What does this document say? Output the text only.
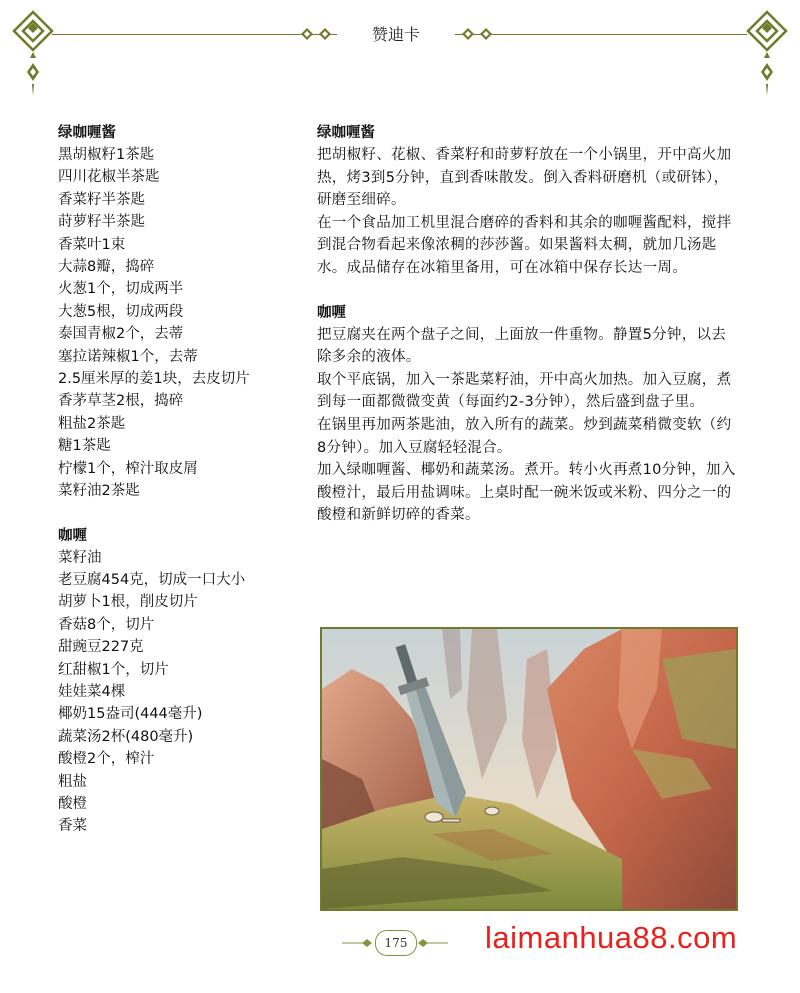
赞迪卡
绿咖喱酱
黑胡椒籽1茶匙
四川花椒半茶匙
香菜籽半茶匙
莳萝籽半茶匙
香菜叶1束
大蒜8瓣，捣碎
火葱1个，切成两半
大葱5根，切成两段
泰国青椒2个，去蒂
塞拉诺辣椒1个，去蒂
2.5厘米厚的姜1块，去皮切片
香茅草茎2根，捣碎
粗盐2茶匙
糖1茶匙
柠檬1个，榨汁取皮屑
菜籽油2茶匙
咖喱
菜籽油
老豆腐454克，切成一口大小
胡萝卜1根，削皮切片
香菇8个，切片
甜豌豆227克
红甜椒1个，切片
娃娃菜4棵
椰奶15盎司(444毫升)
蔬菜汤2杯(480毫升)
酸橙2个，榨汁
粗盐
酸橙
香菜
绿咖喱酱

把胡椒籽、花椒、香菜籽和莳萝籽放在一个小锅里，开中高火加热，烤3到5分钟，直到香味散发。倒入香料研磨机（或研钵），研磨至细碎。

在一个食品加工机里混合磨碎的香料和其余的咖喱酱配料，搅拌到混合物看起来像浓稠的莎莎酱。如果酱料太稠，就加几汤匙水。成品储存在冰箱里备用，可在冰箱中保存长达一周。

咖喱

把豆腐夹在两个盘子之间，上面放一件重物。静置5分钟，以去除多余的液体。

取个平底锅，加入一茶匙菜籽油，开中高火加热。加入豆腐，煮到每一面都微微变黄（每面约2-3分钟），然后盛到盘子里。

在锅里再加两茶匙油，放入所有的蔬菜。炒到蔬菜稍微变软（约8分钟）。加入豆腐轻轻混合。

加入绿咖喱酱、椰奶和蔬菜汤。煮开。转小火再煮10分钟，加入酸橙汁，最后用盐调味。上桌时配一碗米饭或米粉、四分之一的酸橙和新鲜切碎的香菜。

175	laimanhua88.com
